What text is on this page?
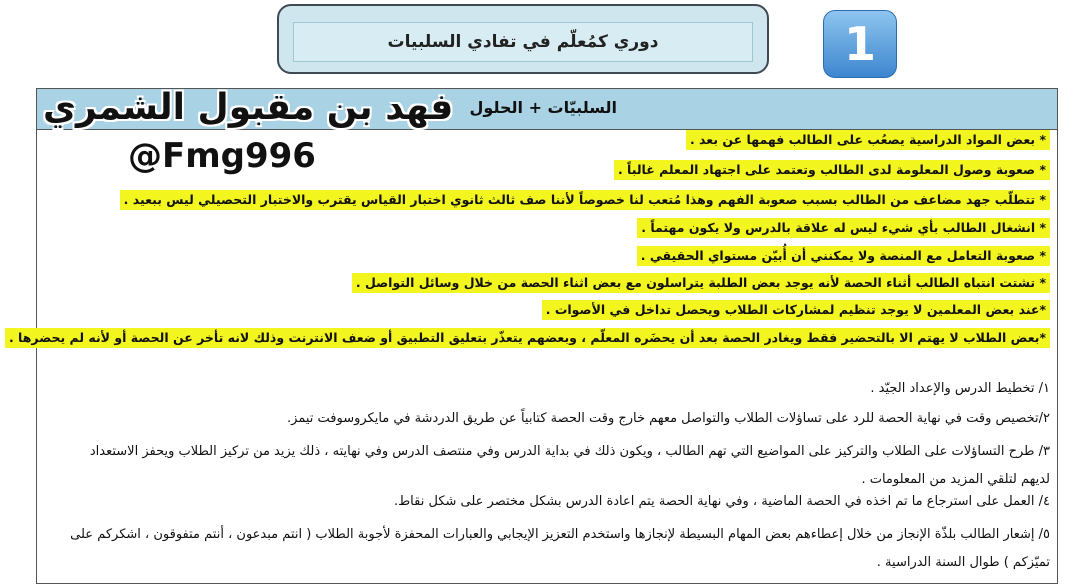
دوري كمُعلّم في تفادي السلبيات	1
السلبيّات + الحلول
فهد بن مقبول الشمري
@Fmg996	* بعض المواد الدراسية يصعُب على الطالب فهمها عن بعد .
* صعوبة وصول المعلومة لدى الطالب وتعتمد على اجتهاد المعلم غالباً .
* تتطلّب جهد مضاعف من الطالب بسبب صعوبة الفهم وهذا مُتعب لنا خصوصاً لأننا صف ثالث ثانوي اختبار القياس يقترب والاختبار التحصيلي ليس ببعيد .
* انشغال الطالب بأي شيء ليس له علاقة بالدرس ولا يكون مهتماً .
* صعوبة التعامل مع المنصة ولا يمكنني أن أُبيّن مستواي الحقيقي .
* تشتت انتباه الطالب أثناء الحصة لأنه يوجد بعض الطلبة يتراسلون مع بعض اثناء الحصة من خلال وسائل التواصل .
*عند بعض المعلمين لا يوجد تنظيم لمشاركات الطلاب ويحصل تداخل في الأصوات .
*بعض الطلاب لا يهتم الا بالتحضير فقط ويغادر الحصة بعد أن يحضَره المعلّم ، وبعضهم يتعذّر بتعليق التطبيق أو ضعف الانترنت وذلك لانه تأخر عن الحصة أو لأنه لم يحضرها .
١/ تخطيط الدرس والإعداد الجيّد .
٢/تخصيص وقت في نهاية الحصة للرد على تساؤلات الطلاب والتواصل معهم خارج وقت الحصة كتابياً عن طريق الدردشة في مايكروسوفت تيمز.
٣/ طرح التساؤلات على الطلاب والتركيز على المواضيع التي تهم الطالب ، ويكون ذلك في بداية الدرس وفي منتصف الدرس وفي نهايته ، ذلك يزيد من تركيز الطلاب ويحفز الاستعداد لديهم لتلقي المزيد من المعلومات .
٤/ العمل على استرجاع ما تم اخذه في الحصة الماضية ، وفي نهاية الحصة يتم اعادة الدرس بشكل مختصر على شكل نقاط.
٥/ إشعار الطالب بلذّة الإنجاز من خلال إعطاءهم بعض المهام البسيطة لإنجازها واستخدم التعزيز الإيجابي والعبارات المحفزة لأجوبة الطلاب ( انتم مبدعون ، أنتم متفوقون ، اشكركم على تميّزكم ) طوال السنة الدراسية .
